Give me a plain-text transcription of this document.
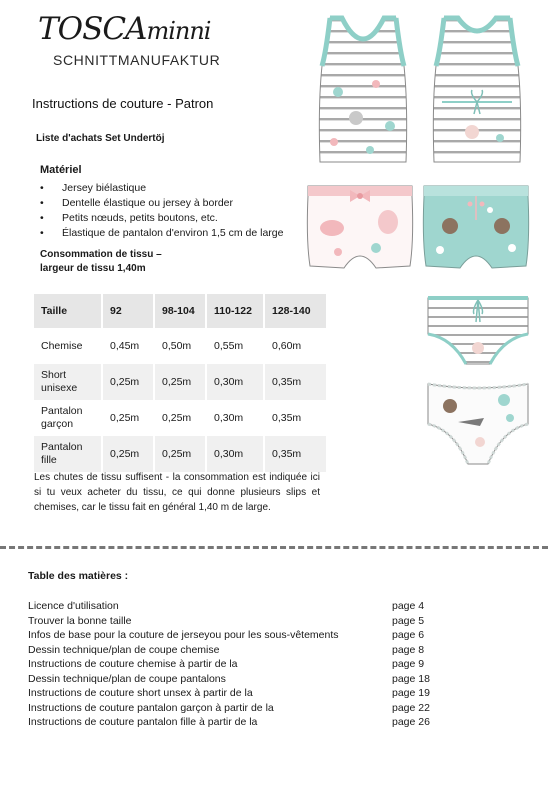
TOSCAminni
SCHNITTMANUFAKTUR
Instructions de couture - Patron
Liste d'achats Set Undertöj
Matériel
• Jersey biélastique
• Dentelle élastique ou jersey à border
• Petits nœuds, petits boutons, etc.
• Élastique de pantalon d'environ 1,5 cm de large
Consommation de tissu –
largeur de tissu 1,40m
Taille	92	98-104	110-122	128-140
Chemise	0,45m	0,50m	0,55m	0,60m
Short unisexe	0,25m	0,25m	0,30m	0,35m
Pantalon garçon	0,25m	0,25m	0,30m	0,35m
Pantalon fille	0,25m	0,25m	0,30m	0,35m

Les chutes de tissu suffisent - la consommation est indiquée ici si tu veux acheter du tissu, ce qui donne plusieurs slips et chemises, car le tissu fait en général 1,40 m de large.

Table des matières :
Licence d'utilisation	page 4
Trouver la bonne taille	page 5
Infos de base pour la couture de jerseyou pour les sous-vêtements	page 6
Dessin technique/plan de coupe chemise	page 8
Instructions de couture chemise à partir de la	page 9
Dessin technique/plan de coupe pantalons	page 18
Instructions de couture short unsex à partir de la	page 19
Instructions de couture pantalon garçon à partir de la	page 22
Instructions de couture pantalon fille à partir de la	page 26
